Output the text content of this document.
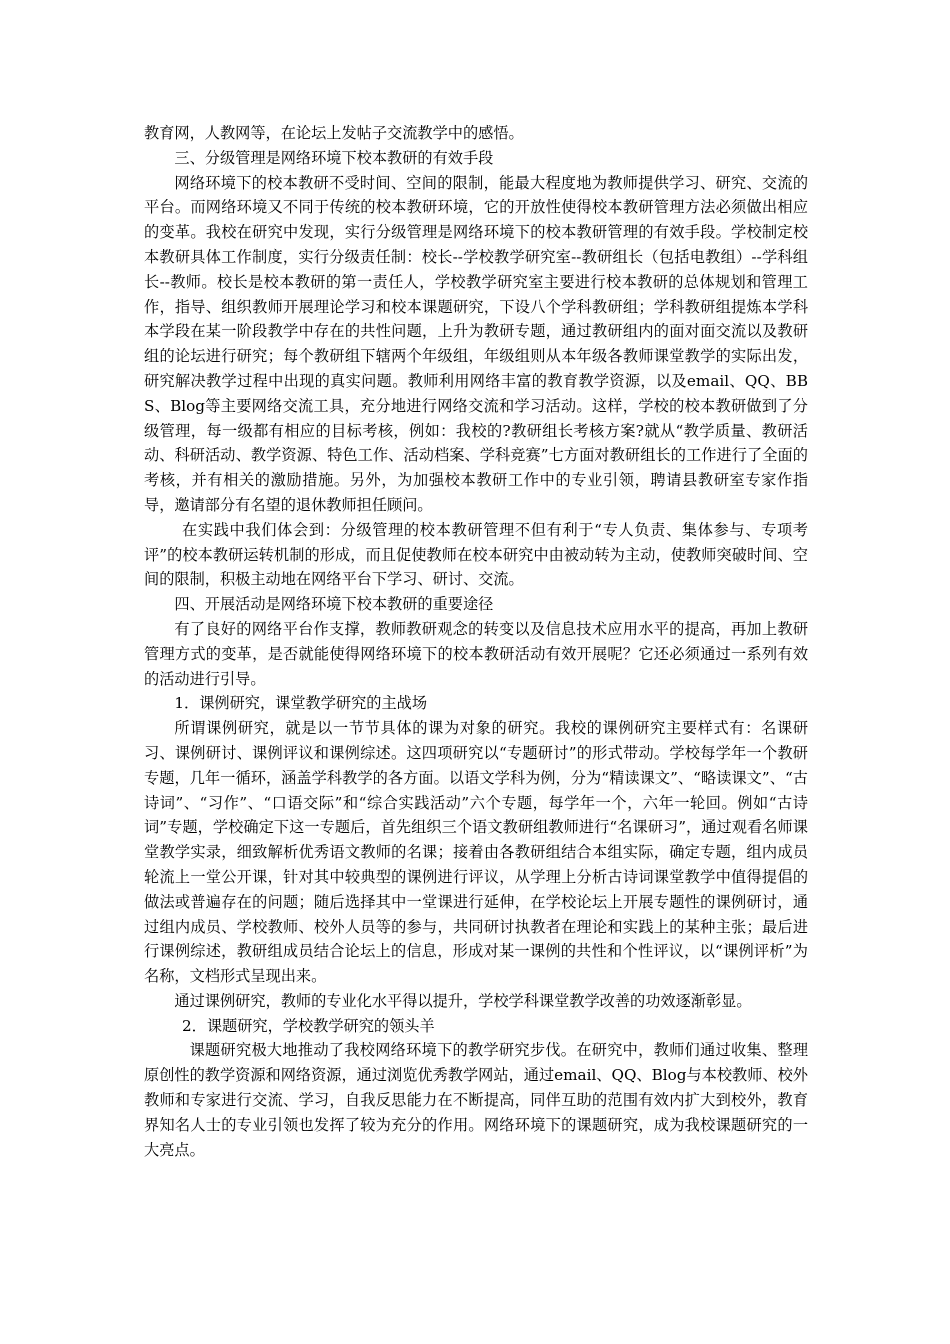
教育网，人教网等，在论坛上发帖子交流教学中的感悟。

三、分级管理是网络环境下校本教研的有效手段

网络环境下的校本教研不受时间、空间的限制，能最大程度地为教师提供学习、研究、交流的平台。而网络环境又不同于传统的校本教研环境，它的开放性使得校本教研管理方法必须做出相应的变革。我校在研究中发现，实行分级管理是网络环境下的校本教研管理的有效手段。学校制定校本教研具体工作制度，实行分级责任制：校长--学校教学研究室--教研组长（包括电教组）--学科组长--教师。校长是校本教研的第一责任人，学校教学研究室主要进行校本教研的总体规划和管理工作，指导、组织教师开展理论学习和校本课题研究，下设八个学科教研组；学科教研组提炼本学科本学段在某一阶段教学中存在的共性问题，上升为教研专题，通过教研组内的面对面交流以及教研组的论坛进行研究；每个教研组下辖两个年级组，年级组则从本年级各教师课堂教学的实际出发，研究解决教学过程中出现的真实问题。教师利用网络丰富的教育教学资源，以及email、QQ、BBS、Blog等主要网络交流工具，充分地进行网络交流和学习活动。这样，学校的校本教研做到了分级管理，每一级都有相应的目标考核，例如：我校的?教研组长考核方案?就从“教学质量、教研活动、科研活动、教学资源、特色工作、活动档案、学科竞赛”七方面对教研组长的工作进行了全面的考核，并有相关的激励措施。另外，为加强校本教研工作中的专业引领，聘请县教研室专家作指导，邀请部分有名望的退休教师担任顾问。

在实践中我们体会到：分级管理的校本教研管理不但有利于“专人负责、集体参与、专项考评”的校本教研运转机制的形成，而且促使教师在校本研究中由被动转为主动，使教师突破时间、空间的限制，积极主动地在网络平台下学习、研讨、交流。

四、开展活动是网络环境下校本教研的重要途径

有了良好的网络平台作支撑，教师教研观念的转变以及信息技术应用水平的提高，再加上教研管理方式的变革，是否就能使得网络环境下的校本教研活动有效开展呢？它还必须通过一系列有效的活动进行引导。

1．课例研究，课堂教学研究的主战场

所谓课例研究，就是以一节节具体的课为对象的研究。我校的课例研究主要样式有：名课研习、课例研讨、课例评议和课例综述。这四项研究以“专题研讨”的形式带动。学校每学年一个教研专题，几年一循环，涵盖学科教学的各方面。以语文学科为例，分为“精读课文”、“略读课文”、“古诗词”、“习作”、“口语交际”和“综合实践活动”六个专题，每学年一个，六年一轮回。例如“古诗词”专题，学校确定下这一专题后，首先组织三个语文教研组教师进行“名课研习”，通过观看名师课堂教学实录，细致解析优秀语文教师的名课；接着由各教研组结合本组实际，确定专题，组内成员轮流上一堂公开课，针对其中较典型的课例进行评议，从学理上分析古诗词课堂教学中值得提倡的做法或普遍存在的问题；随后选择其中一堂课进行延伸，在学校论坛上开展专题性的课例研讨，通过组内成员、学校教师、校外人员等的参与，共同研讨执教者在理论和实践上的某种主张；最后进行课例综述，教研组成员结合论坛上的信息，形成对某一课例的共性和个性评议，以“课例评析”为名称，文档形式呈现出来。

通过课例研究，教师的专业化水平得以提升，学校学科课堂教学改善的功效逐渐彰显。

2．课题研究，学校教学研究的领头羊

课题研究极大地推动了我校网络环境下的教学研究步伐。在研究中，教师们通过收集、整理原创性的教学资源和网络资源，通过浏览优秀教学网站，通过email、QQ、Blog与本校教师、校外教师和专家进行交流、学习，自我反思能力在不断提高，同伴互助的范围有效内扩大到校外，教育界知名人士的专业引领也发挥了较为充分的作用。网络环境下的课题研究，成为我校课题研究的一大亮点。
